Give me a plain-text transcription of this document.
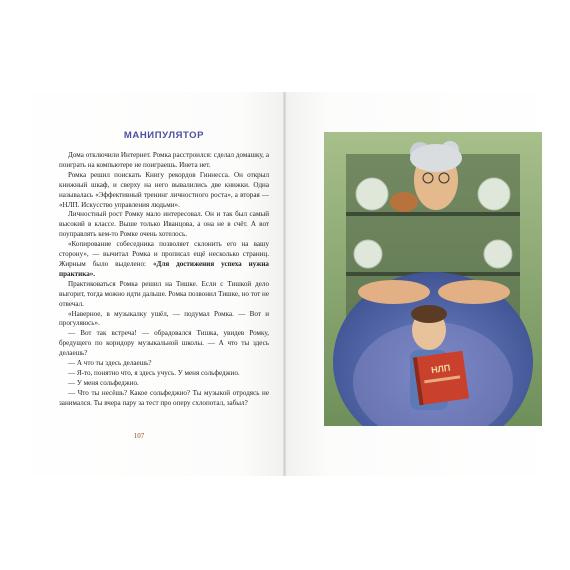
МАНИПУЛЯТОР

Дома отключили Интернет. Ромка расстроился: сделал домашку, а поиграть на компьютере не поиграешь. Инета нет.

Ромка решил поискать Книгу рекордов Гиннесса. Он открыл книжный шкаф, и сверху на него вывалились две книжки. Одна называлась «Эффективный тренинг личностного роста», а вторая — «НЛП. Искусство управления людьми».

Личностный рост Ромку мало интересовал. Он и так был самый высокий в классе. Выше только Иванцова, а она не в счёт. А вот поуправлять кем-то Ромке очень хотелось.

«Копирование собеседника позволяет склонить его на вашу сторону», — вычитал Ромка и прописал ещё несколько страниц. Жирным было выделено: «Для достижения успеха нужна практика».

Практиковаться Ромка решил на Тишке. Если с Тишкой дело выгорит, тогда можно идти дальше. Ромка позвонил Тишке, но тот не отвечал.

«Наверное, в музыкалку ушёл, — подумал Ромка. — Вот и прогуляюсь».

— Вот так встреча! — обрадовался Тишка, увидев Ромку, бредущего по коридору музыкальной школы. — А что ты здесь делаешь?

— А что ты здесь делаешь?

— Я-то, понятно что, я здесь учусь. У меня сольфеджио.

— У меня сольфеджио.

— Что ты несёшь? Какое сольфеджио? Ты музыкой отродясь не занимался. Ты вчера пару за тест про оперу схлопотал, забыл?

107
НЛП
